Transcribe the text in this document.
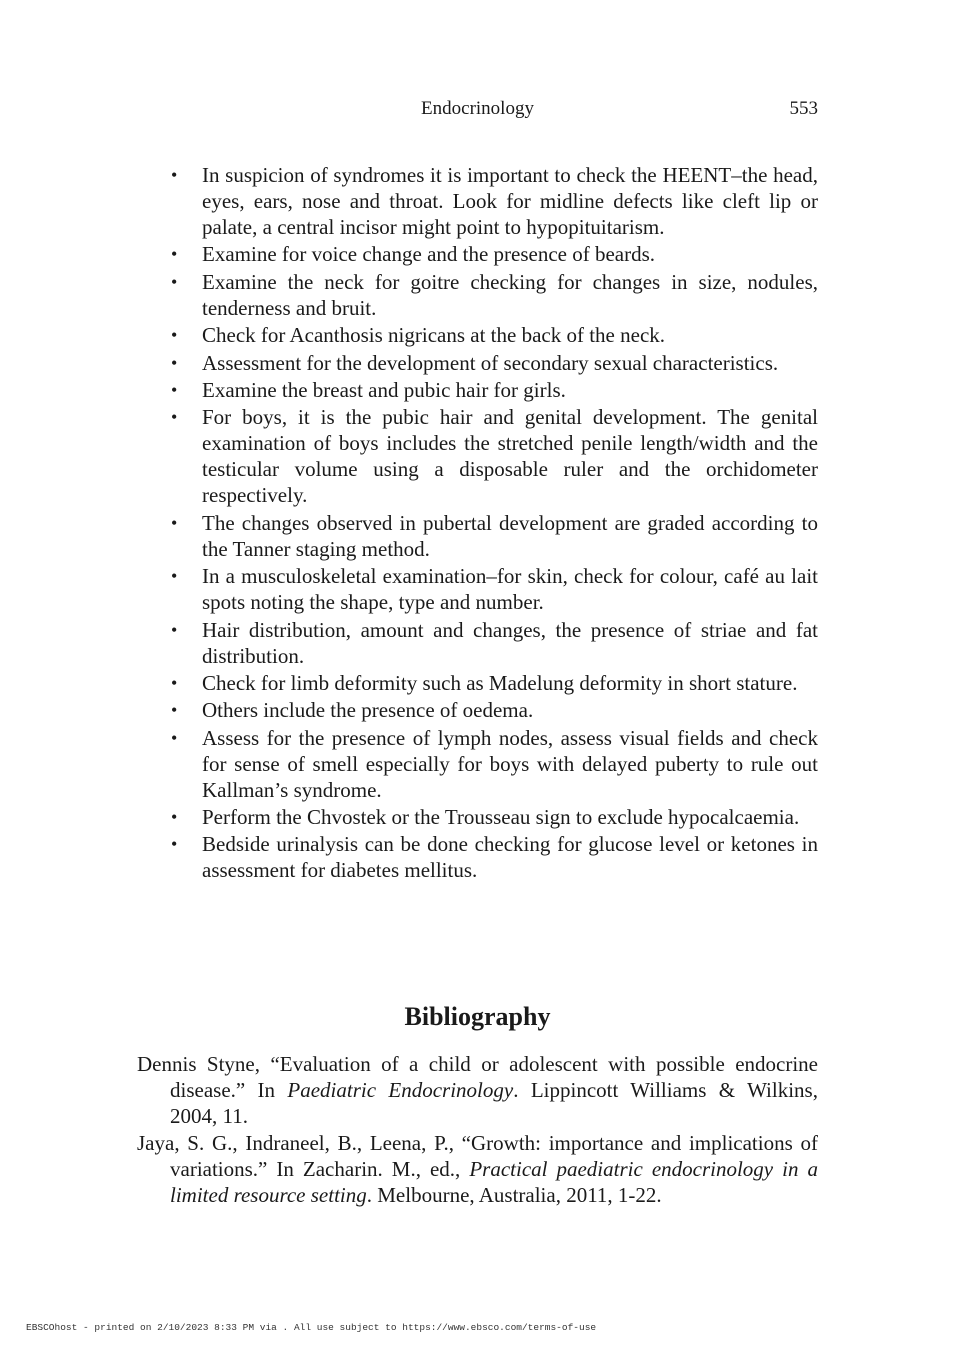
Endocrinology	553
• In suspicion of syndromes it is important to check the HEENT–the head, eyes, ears, nose and throat. Look for midline defects like cleft lip or palate, a central incisor might point to hypopituitarism.
• Examine for voice change and the presence of beards.
• Examine the neck for goitre checking for changes in size, nodules, tenderness and bruit.
• Check for Acanthosis nigricans at the back of the neck.
• Assessment for the development of secondary sexual characteristics.
• Examine the breast and pubic hair for girls.
• For boys, it is the pubic hair and genital development. The genital examination of boys includes the stretched penile length/width and the testicular volume using a disposable ruler and the orchidometer respectively.
• The changes observed in pubertal development are graded according to the Tanner staging method.
• In a musculoskeletal examination–for skin, check for colour, café au lait spots noting the shape, type and number.
• Hair distribution, amount and changes, the presence of striae and fat distribution.
• Check for limb deformity such as Madelung deformity in short stature.
• Others include the presence of oedema.
• Assess for the presence of lymph nodes, assess visual fields and check for sense of smell especially for boys with delayed puberty to rule out Kallman’s syndrome.
• Perform the Chvostek or the Trousseau sign to exclude hypocalcaemia.
• Bedside urinalysis can be done checking for glucose level or ketones in assessment for diabetes mellitus.
Bibliography
Dennis Styne, “Evaluation of a child or adolescent with possible endocrine disease.” In Paediatric Endocrinology. Lippincott Williams & Wilkins, 2004, 11.
Jaya, S. G., Indraneel, B., Leena, P., “Growth: importance and implications of variations.” In Zacharin. M., ed., Practical paediatric endocrinology in a limited resource setting. Melbourne, Australia, 2011, 1-22.
EBSCOhost - printed on 2/10/2023 8:33 PM via . All use subject to https://www.ebsco.com/terms-of-use
